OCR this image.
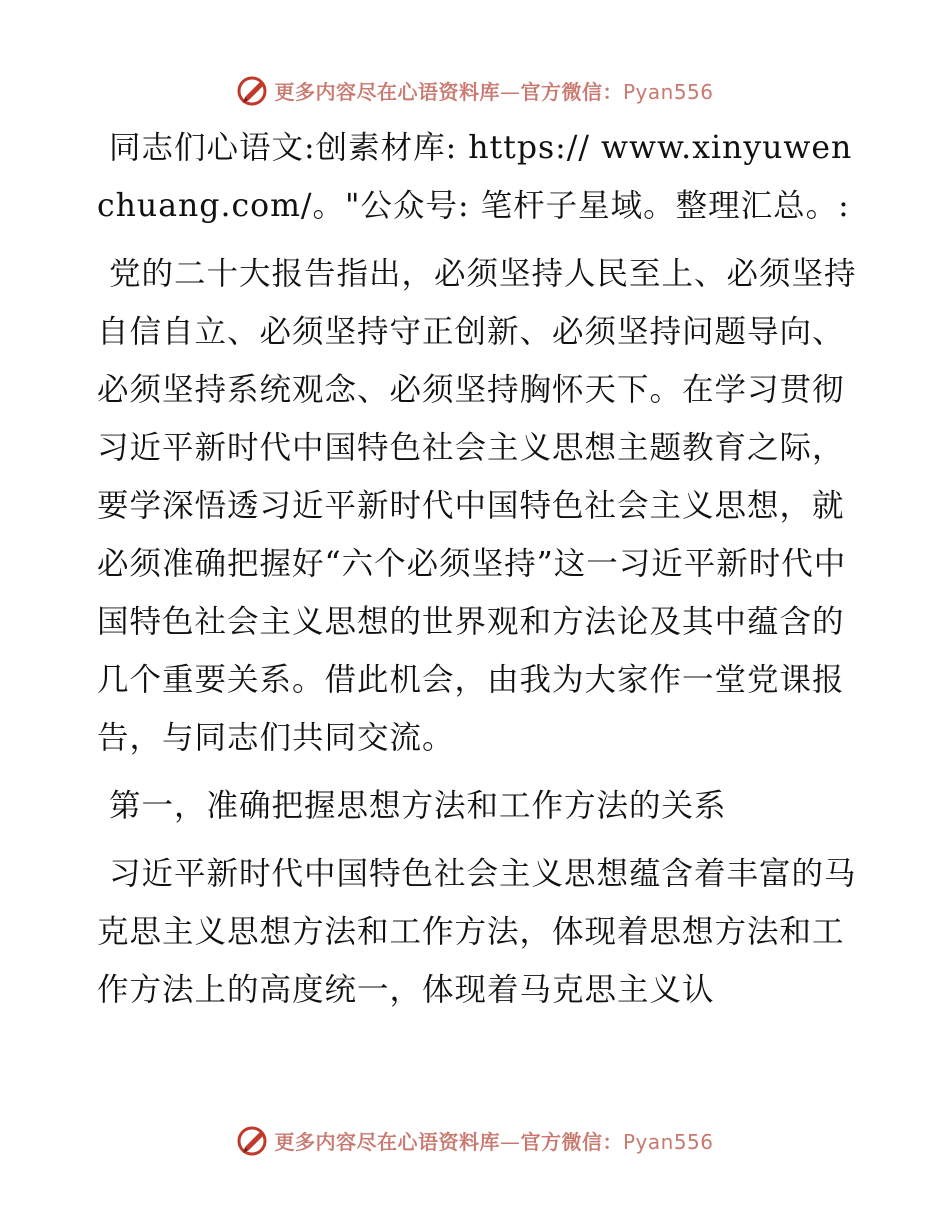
更多内容尽在心语资料库—官方微信：Pyan556

同志们心语文:创素材库: https:// www.xinyuwenchuang.com/。"公众号: 笔杆子星域。整理汇总。:

党的二十大报告指出，必须坚持人民至上、必须坚持自信自立、必须坚持守正创新、必须坚持问题导向、必须坚持系统观念、必须坚持胸怀天下。在学习贯彻习近平新时代中国特色社会主义思想主题教育之际，要学深悟透习近平新时代中国特色社会主义思想，就必须准确把握好“六个必须坚持”这一习近平新时代中国特色社会主义思想的世界观和方法论及其中蕴含的几个重要关系。借此机会，由我为大家作一堂党课报告，与同志们共同交流。

第一，准确把握思想方法和工作方法的关系

习近平新时代中国特色社会主义思想蕴含着丰富的马克思主义思想方法和工作方法，体现着思想方法和工作方法上的高度统一，体现着马克思主义认

更多内容尽在心语资料库—官方微信：Pyan556
